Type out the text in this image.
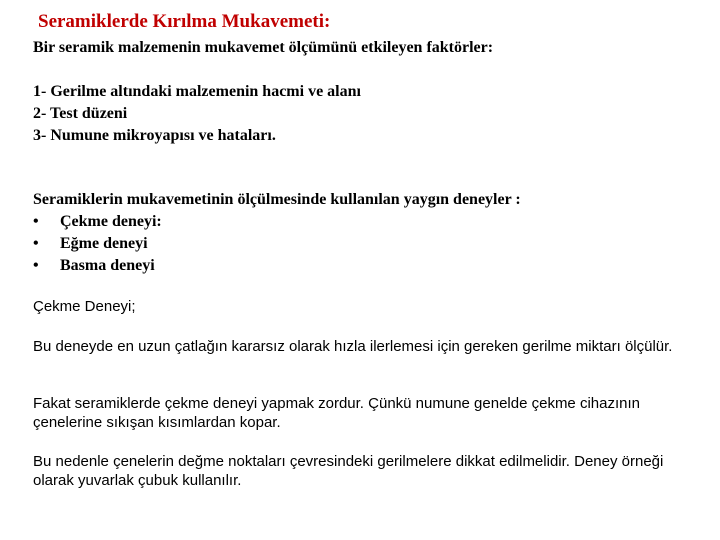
Seramiklerde Kırılma Mukavemeti:
Bir seramik malzemenin mukavemet ölçümünü etkileyen faktörler:
1- Gerilme altındaki malzemenin hacmi ve alanı
2- Test düzeni
3- Numune mikroyapısı ve hataları.
Seramiklerin mukavemetinin ölçülmesinde kullanılan yaygın deneyler :
• Çekme deneyi:
• Eğme deneyi
• Basma deneyi
Çekme Deneyi;
Bu deneyde en uzun çatlağın kararsız olarak hızla ilerlemesi için gereken gerilme miktarı ölçülür.
Fakat seramiklerde çekme deneyi yapmak zordur. Çünkü numune genelde çekme cihazının çenelerine sıkışan kısımlardan kopar.
Bu nedenle çenelerin değme noktaları çevresindeki gerilmelere dikkat edilmelidir. Deney örneği olarak yuvarlak çubuk kullanılır.
